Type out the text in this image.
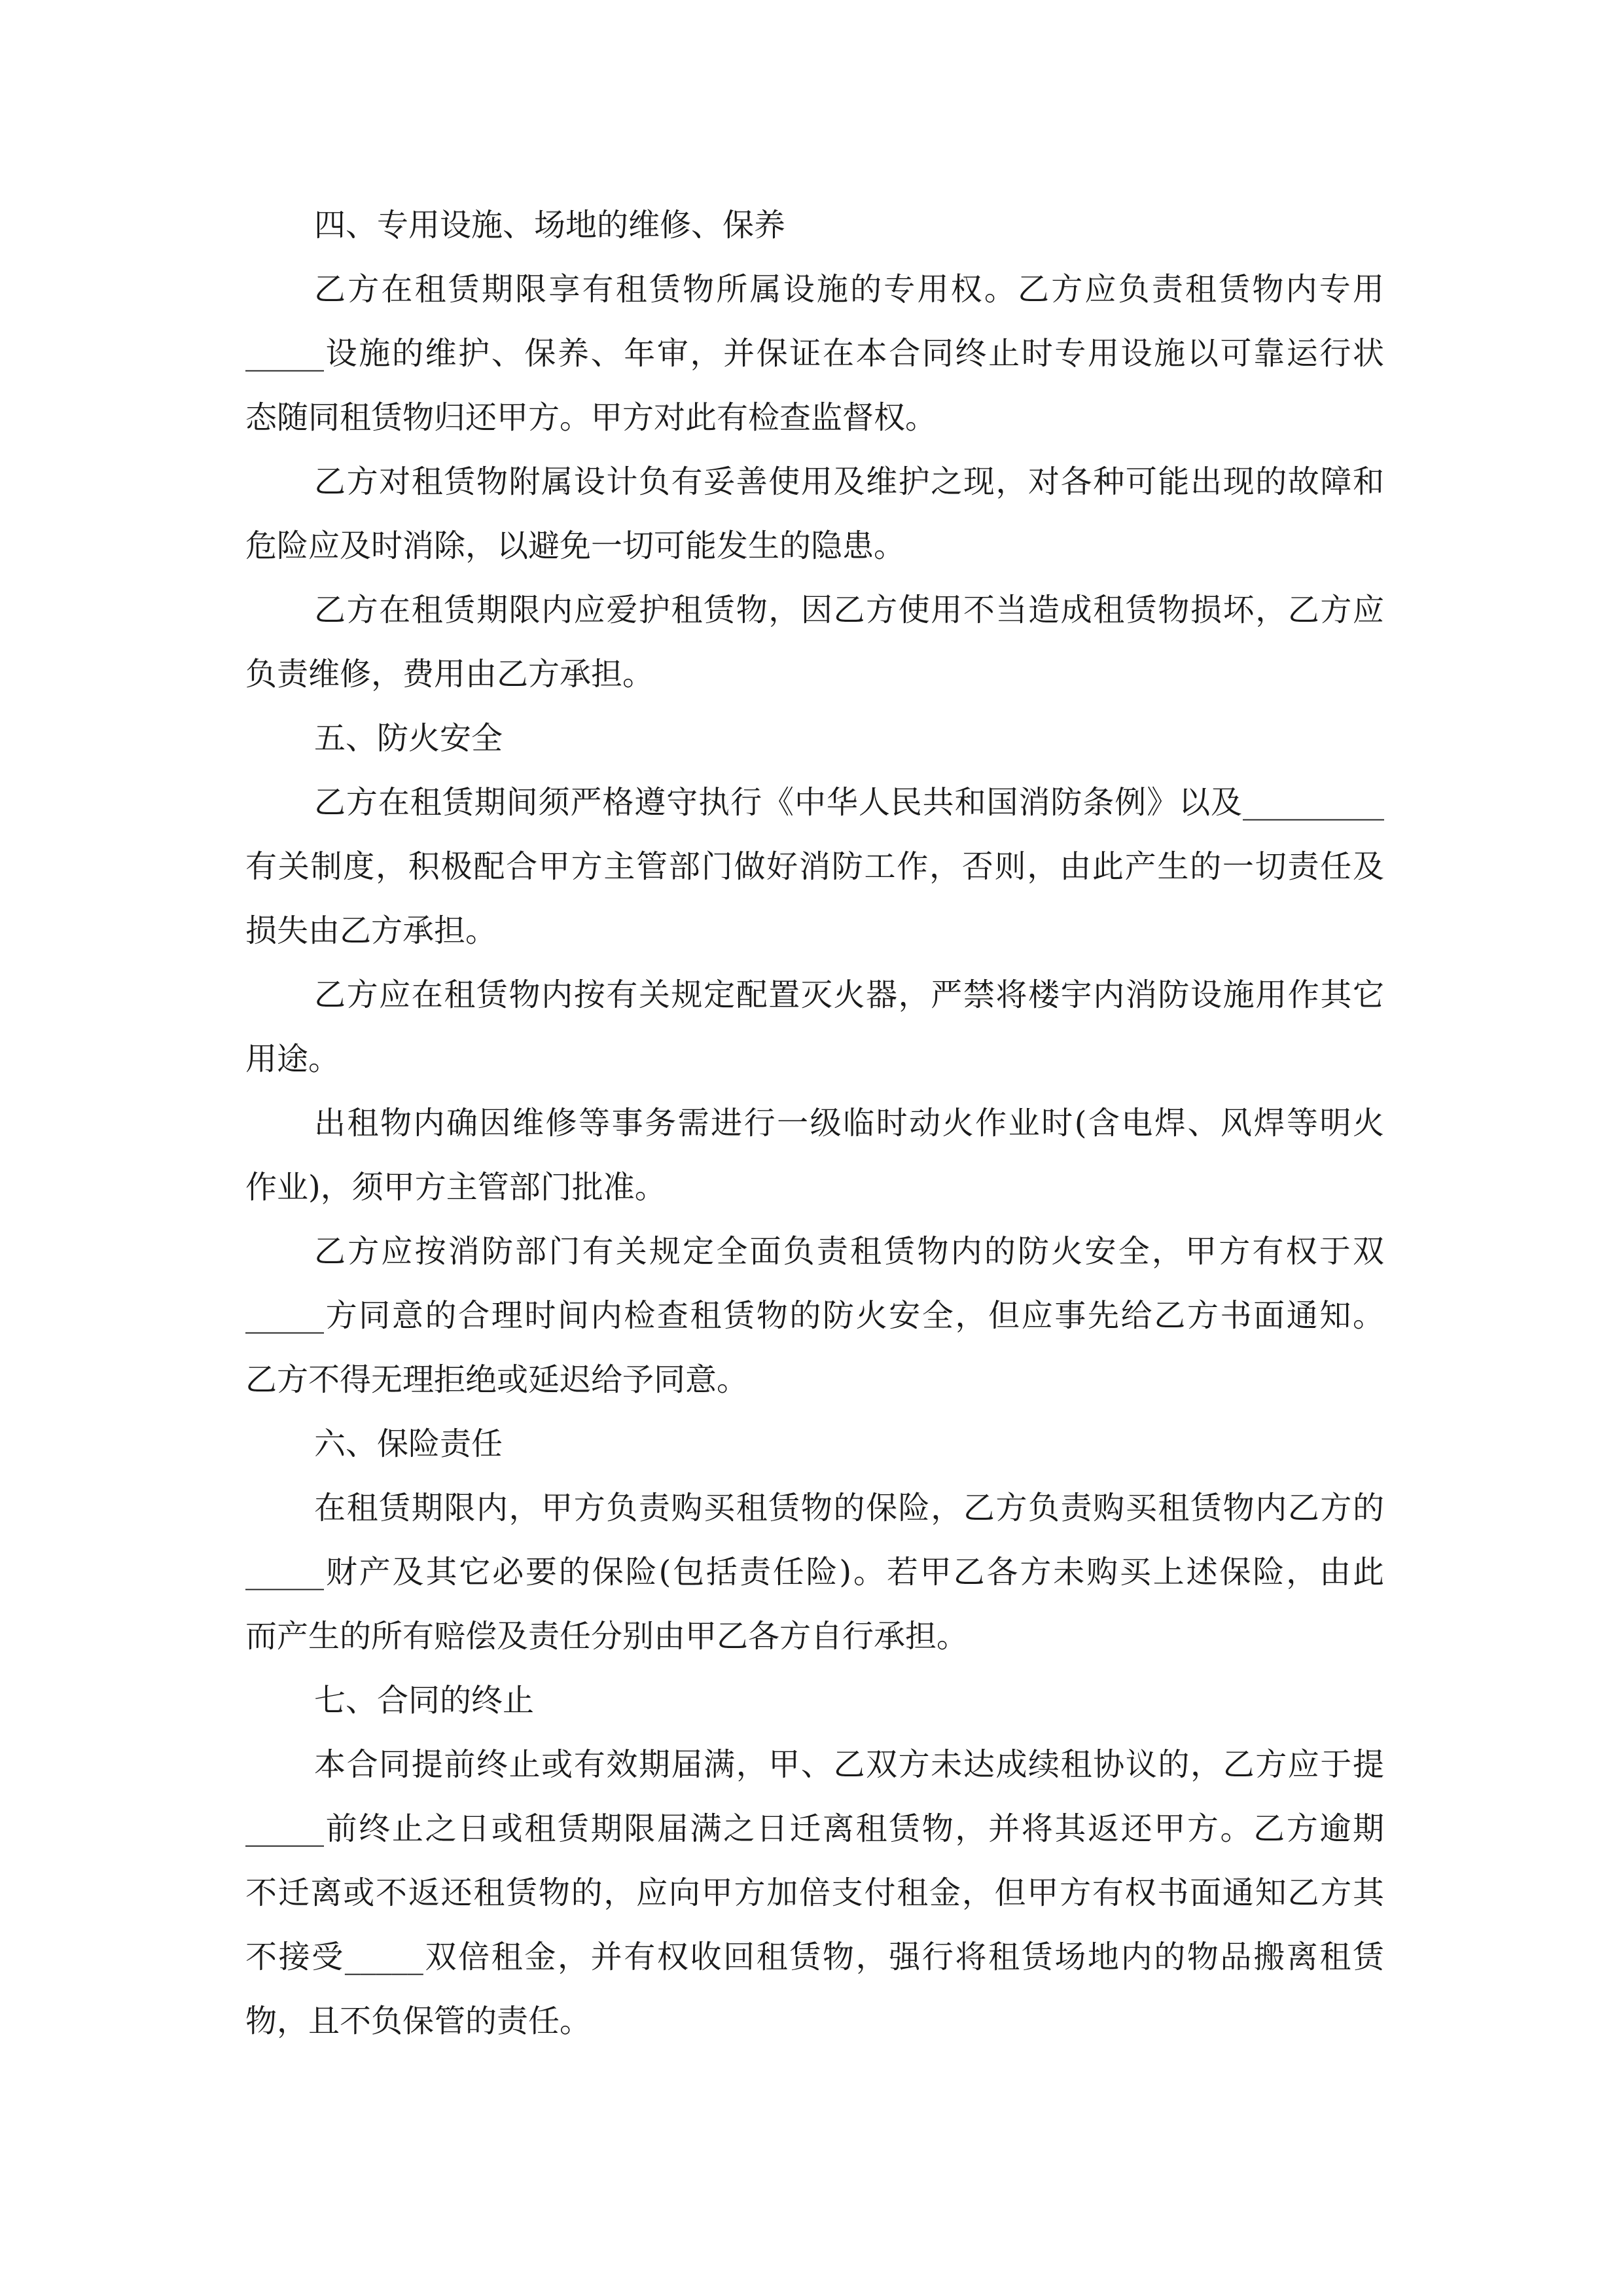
四、专用设施、场地的维修、保养
乙方在租赁期限享有租赁物所属设施的专用权。乙方应负责租赁物内专用
_____设施的维护、保养、年审，并保证在本合同终止时专用设施以可靠运行状
态随同租赁物归还甲方。甲方对此有检查监督权。
乙方对租赁物附属设计负有妥善使用及维护之现，对各种可能出现的故障和
危险应及时消除，以避免一切可能发生的隐患。
乙方在租赁期限内应爱护租赁物，因乙方使用不当造成租赁物损坏，乙方应
负责维修，费用由乙方承担。
五、防火安全
乙方在租赁期间须严格遵守执行《中华人民共和国消防条例》以及_________
有关制度，积极配合甲方主管部门做好消防工作，否则，由此产生的一切责任及
损失由乙方承担。
乙方应在租赁物内按有关规定配置灭火器，严禁将楼宇内消防设施用作其它
用途。
出租物内确因维修等事务需进行一级临时动火作业时(含电焊、风焊等明火
作业)，须甲方主管部门批准。
乙方应按消防部门有关规定全面负责租赁物内的防火安全，甲方有权于双
_____方同意的合理时间内检查租赁物的防火安全，但应事先给乙方书面通知。
乙方不得无理拒绝或延迟给予同意。
六、保险责任
在租赁期限内，甲方负责购买租赁物的保险，乙方负责购买租赁物内乙方的
_____财产及其它必要的保险(包括责任险)。若甲乙各方未购买上述保险，由此
而产生的所有赔偿及责任分别由甲乙各方自行承担。
七、合同的终止
本合同提前终止或有效期届满，甲、乙双方未达成续租协议的，乙方应于提
_____前终止之日或租赁期限届满之日迁离租赁物，并将其返还甲方。乙方逾期
不迁离或不返还租赁物的，应向甲方加倍支付租金，但甲方有权书面通知乙方其
不接受_____双倍租金，并有权收回租赁物，强行将租赁场地内的物品搬离租赁
物，且不负保管的责任。
